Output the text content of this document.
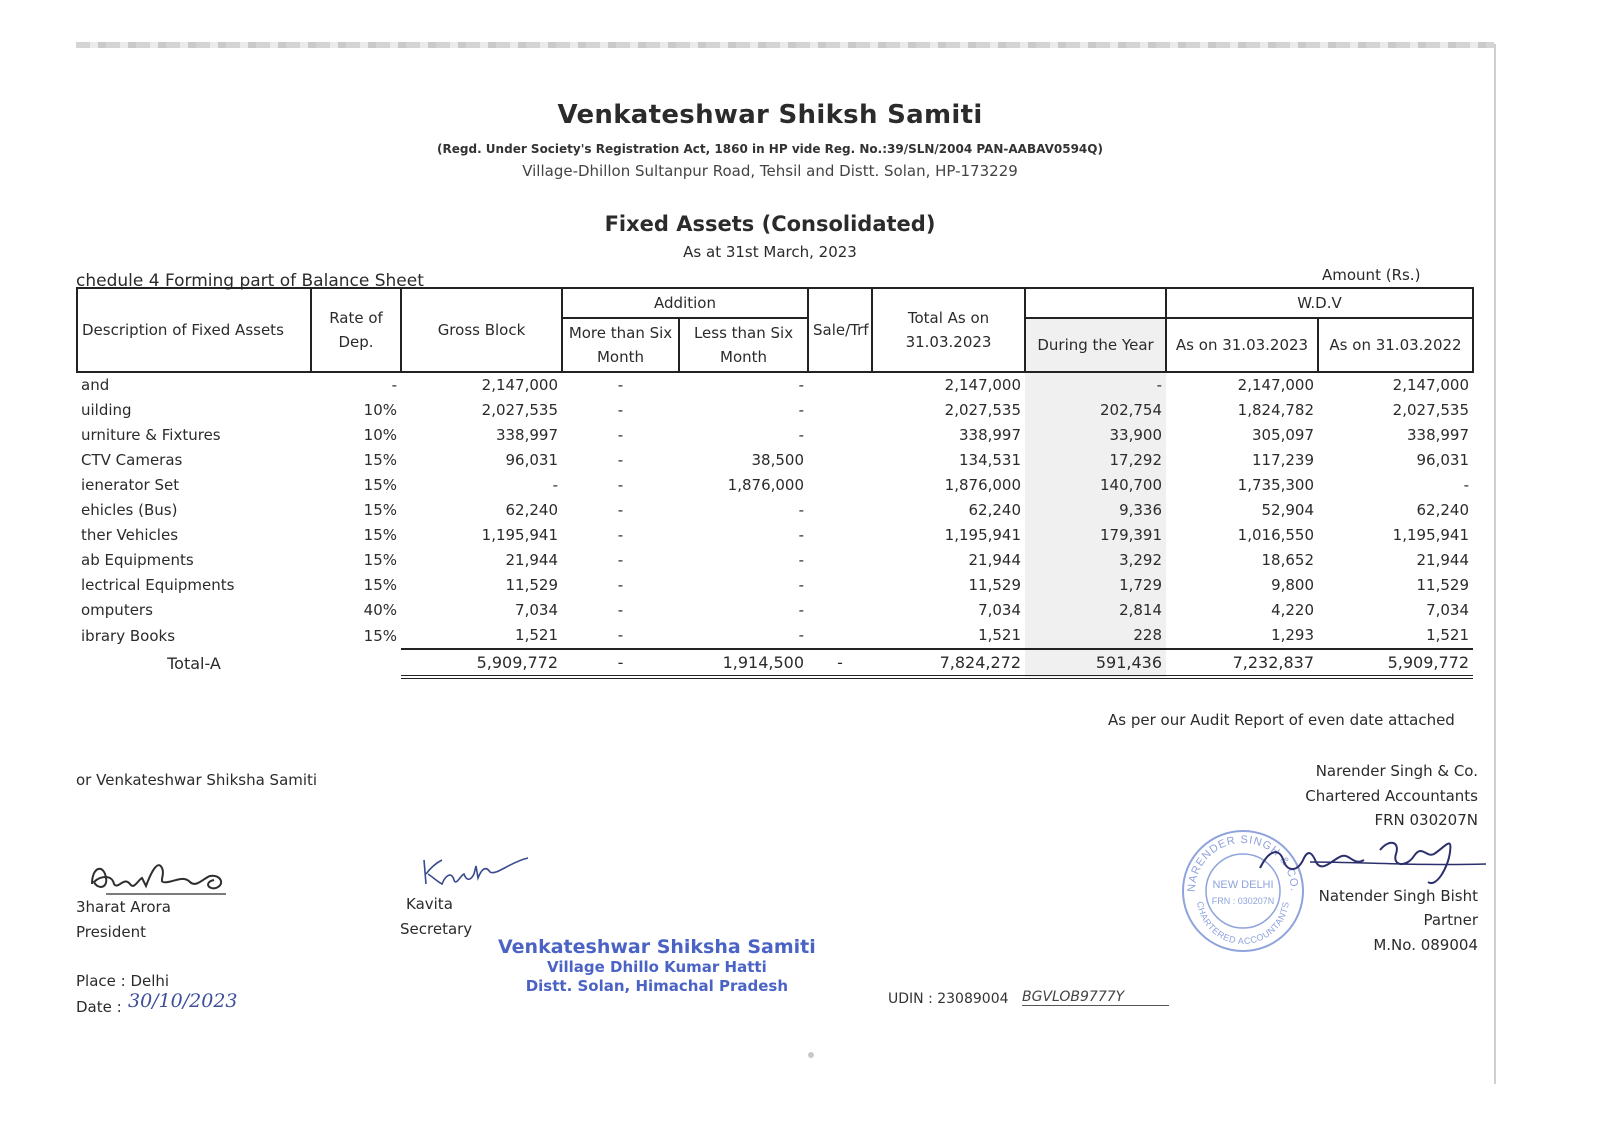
Venkateshwar Shiksh Samiti
(Regd. Under Society's Registration Act, 1860 in HP vide Reg. No.:39/SLN/2004 PAN-AABAV0594Q)
Village-Dhillon Sultanpur Road, Tehsil and Distt. Solan, HP-173229
Fixed Assets (Consolidated)
As at 31st March, 2023
chedule 4 Forming part of Balance Sheet	Amount (Rs.)
Description of Fixed Assets	Rate of Dep.	Gross Block	Addition		Sale/Trf	Total As on 31.03.2023		W.D.V	
			More than Six Month	Less than Six Month			During the Year	As on 31.03.2023	As on 31.03.2022
and	-	2,147,000	-	-		2,147,000	-	2,147,000	2,147,000
uilding	10%	2,027,535	-	-		2,027,535	202,754	1,824,782	2,027,535
urniture & Fixtures	10%	338,997	-	-		338,997	33,900	305,097	338,997
CTV Cameras	15%	96,031	-	38,500		134,531	17,292	117,239	96,031
ienerator Set	15%	-	-	1,876,000		1,876,000	140,700	1,735,300	-
ehicles (Bus)	15%	62,240	-	-		62,240	9,336	52,904	62,240
ther Vehicles	15%	1,195,941	-	-		1,195,941	179,391	1,016,550	1,195,941
ab Equipments	15%	21,944	-	-		21,944	3,292	18,652	21,944
lectrical Equipments	15%	11,529	-	-		11,529	1,729	9,800	11,529
omputers	40%	7,034	-	-		7,034	2,814	4,220	7,034
ibrary Books	15%	1,521	-	-		1,521	228	1,293	1,521
Total-A		5,909,772	-	1,914,500	-	7,824,272	591,436	7,232,837	5,909,772
As per our Audit Report of even date attached
Narender Singh & Co.
Chartered Accountants
FRN 030207N
Natender Singh Bisht
Partner
M.No. 089004
NARENDER SINGH & CO.
CHARTERED ACCOUNTANTS
NEW DELHI
FRN : 030207N
or Venkateshwar Shiksha Samiti
3harat Arora
President
Kavita
Secretary
Place : Delhi
Date : 30/10/2023
Venkateshwar Shiksha Samiti
Village Dhillo Kumar Hatti
Distt. Solan, Himachal Pradesh
UDIN : 23089004 BGVLOB9777Y
